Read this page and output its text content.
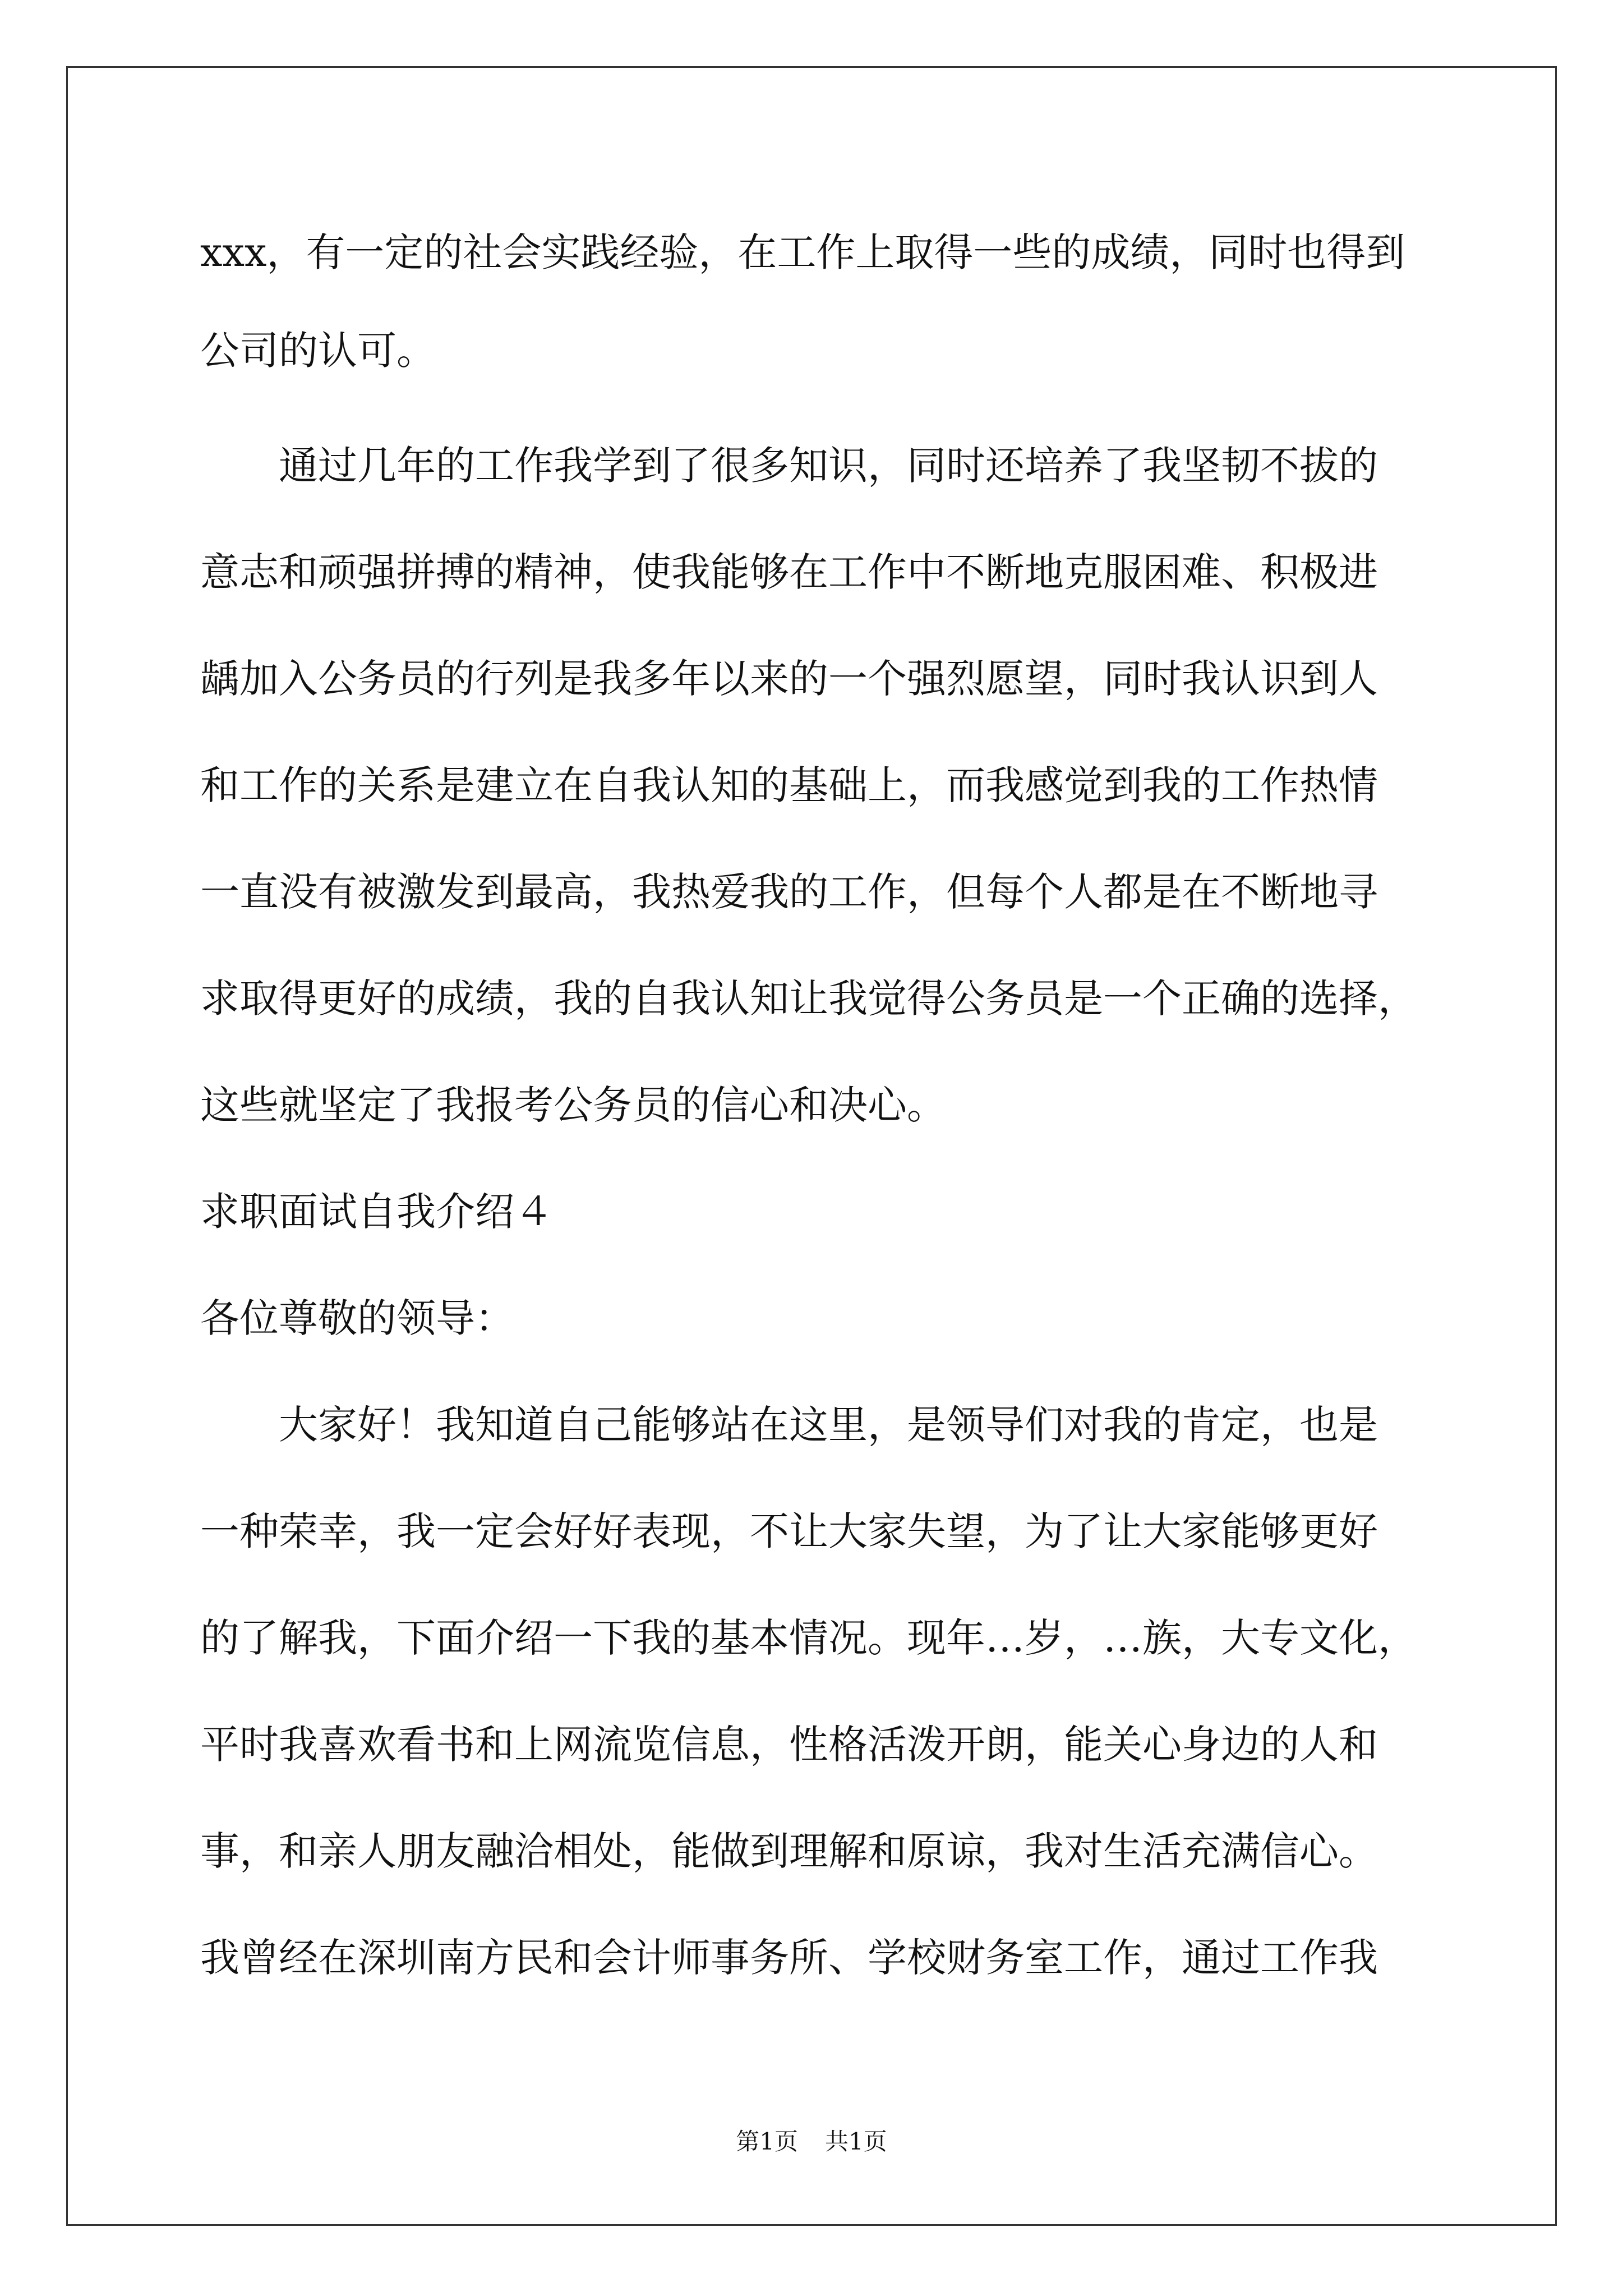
xxx，有一定的社会实践经验，在工作上取得一些的成绩，同时也得到

公司的认可。

通过几年的工作我学到了很多知识，同时还培养了我坚韧不拔的

意志和顽强拼搏的精神，使我能够在工作中不断地克服困难、积极进

龋加入公务员的行列是我多年以来的一个强烈愿望，同时我认识到人

和工作的关系是建立在自我认知的基础上，而我感觉到我的工作热情

一直没有被激发到最高，我热爱我的工作，但每个人都是在不断地寻

求取得更好的成绩，我的自我认知让我觉得公务员是一个正确的选择，

这些就坚定了我报考公务员的信心和决心。

求职面试自我介绍４

各位尊敬的领导：

大家好！我知道自己能够站在这里，是领导们对我的肯定，也是

一种荣幸，我一定会好好表现，不让大家失望，为了让大家能够更好

的了解我，下面介绍一下我的基本情况。现年…岁，…族，大专文化，

平时我喜欢看书和上网流览信息，性格活泼开朗，能关心身边的人和

事，和亲人朋友融洽相处，能做到理解和原谅，我对生活充满信心。

我曾经在深圳南方民和会计师事务所、学校财务室工作，通过工作我

第1页 共1页
